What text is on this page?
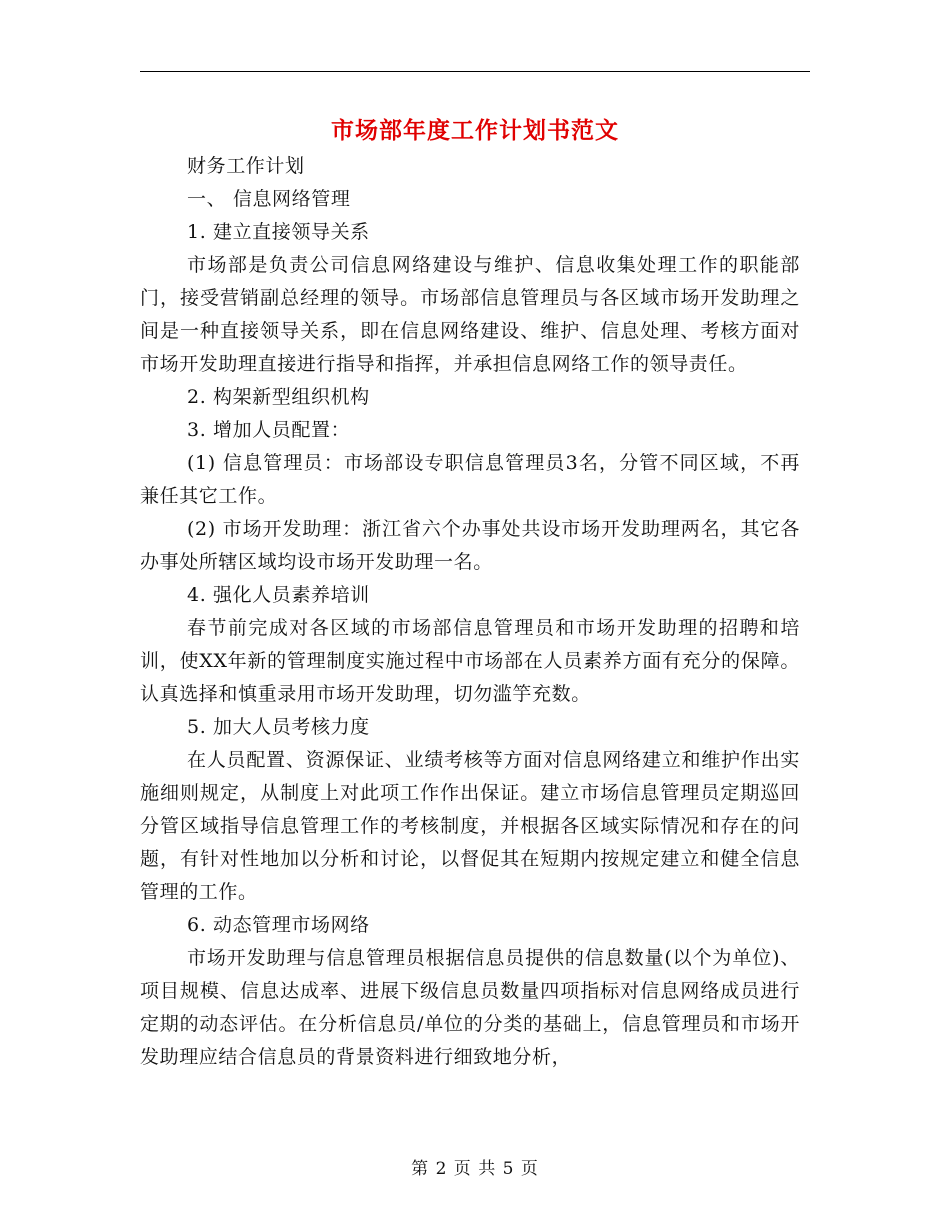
市场部年度工作计划书范文

财务工作计划

一、 信息网络管理

1. 建立直接领导关系

市场部是负责公司信息网络建设与维护、信息收集处理工作的职能部门，接受营销副总经理的领导。市场部信息管理员与各区域市场开发助理之间是一种直接领导关系，即在信息网络建设、维护、信息处理、考核方面对市场开发助理直接进行指导和指挥，并承担信息网络工作的领导责任。

2. 构架新型组织机构

3. 增加人员配置：

(1) 信息管理员：市场部设专职信息管理员3名，分管不同区域，不再兼任其它工作。

(2) 市场开发助理：浙江省六个办事处共设市场开发助理两名，其它各办事处所辖区域均设市场开发助理一名。

4. 强化人员素养培训

春节前完成对各区域的市场部信息管理员和市场开发助理的招聘和培训，使XX年新的管理制度实施过程中市场部在人员素养方面有充分的保障。认真选择和慎重录用市场开发助理，切勿滥竽充数。

5. 加大人员考核力度

在人员配置、资源保证、业绩考核等方面对信息网络建立和维护作出实施细则规定，从制度上对此项工作作出保证。建立市场信息管理员定期巡回分管区域指导信息管理工作的考核制度，并根据各区域实际情况和存在的问题，有针对性地加以分析和讨论，以督促其在短期内按规定建立和健全信息管理的工作。

6. 动态管理市场网络

市场开发助理与信息管理员根据信息员提供的信息数量(以个为单位)、项目规模、信息达成率、进展下级信息员数量四项指标对信息网络成员进行定期的动态评估。在分析信息员/单位的分类的基础上，信息管理员和市场开发助理应结合信息员的背景资料进行细致地分析，

第 2 页 共 5 页
